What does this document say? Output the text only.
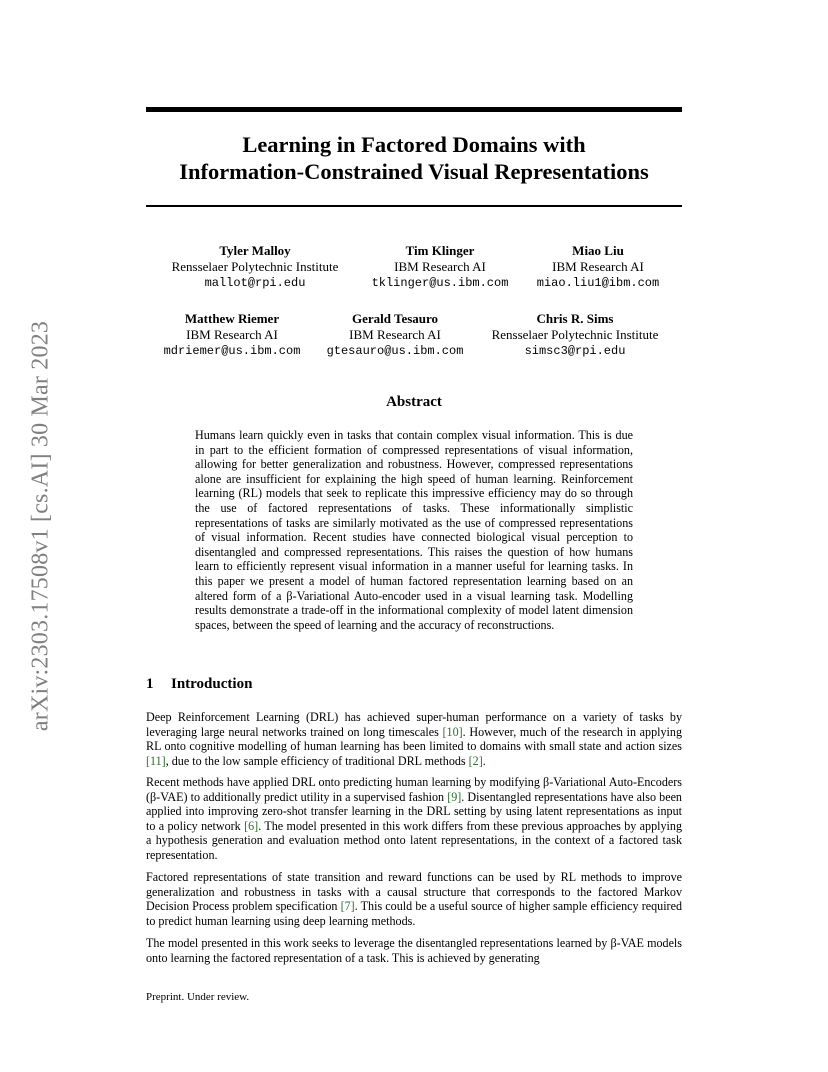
arXiv:2303.17508v1 [cs.AI] 30 Mar 2023
Learning in Factored Domains with
Information-Constrained Visual Representations
Tyler Malloy
Rensselaer Polytechnic Institute
mallot@rpi.edu
Tim Klinger
IBM Research AI
tklinger@us.ibm.com
Miao Liu
IBM Research AI
miao.liu1@ibm.com
Matthew Riemer
IBM Research AI
mdriemer@us.ibm.com
Gerald Tesauro
IBM Research AI
gtesauro@us.ibm.com
Chris R. Sims
Rensselaer Polytechnic Institute
simsc3@rpi.edu
Abstract
Humans learn quickly even in tasks that contain complex visual information. This is due in part to the efficient formation of compressed representations of visual information, allowing for better generalization and robustness. However, compressed representations alone are insufficient for explaining the high speed of human learning. Reinforcement learning (RL) models that seek to replicate this impressive efficiency may do so through the use of factored representations of tasks. These informationally simplistic representations of tasks are similarly motivated as the use of compressed representations of visual information. Recent studies have connected biological visual perception to disentangled and compressed representations. This raises the question of how humans learn to efficiently represent visual information in a manner useful for learning tasks. In this paper we present a model of human factored representation learning based on an altered form of a β-Variational Auto-encoder used in a visual learning task. Modelling results demonstrate a trade-off in the informational complexity of model latent dimension spaces, between the speed of learning and the accuracy of reconstructions.
1 Introduction

Deep Reinforcement Learning (DRL) has achieved super-human performance on a variety of tasks by leveraging large neural networks trained on long timescales [10]. However, much of the research in applying RL onto cognitive modelling of human learning has been limited to domains with small state and action sizes [11], due to the low sample efficiency of traditional DRL methods [2].

Recent methods have applied DRL onto predicting human learning by modifying β-Variational Auto-Encoders (β-VAE) to additionally predict utility in a supervised fashion [9]. Disentangled representations have also been applied into improving zero-shot transfer learning in the DRL setting by using latent representations as input to a policy network [6]. The model presented in this work differs from these previous approaches by applying a hypothesis generation and evaluation method onto latent representations, in the context of a factored task representation.

Factored representations of state transition and reward functions can be used by RL methods to improve generalization and robustness in tasks with a causal structure that corresponds to the factored Markov Decision Process problem specification [7]. This could be a useful source of higher sample efficiency required to predict human learning using deep learning methods.

The model presented in this work seeks to leverage the disentangled representations learned by β-VAE models onto learning the factored representation of a task. This is achieved by generating

Preprint. Under review.
